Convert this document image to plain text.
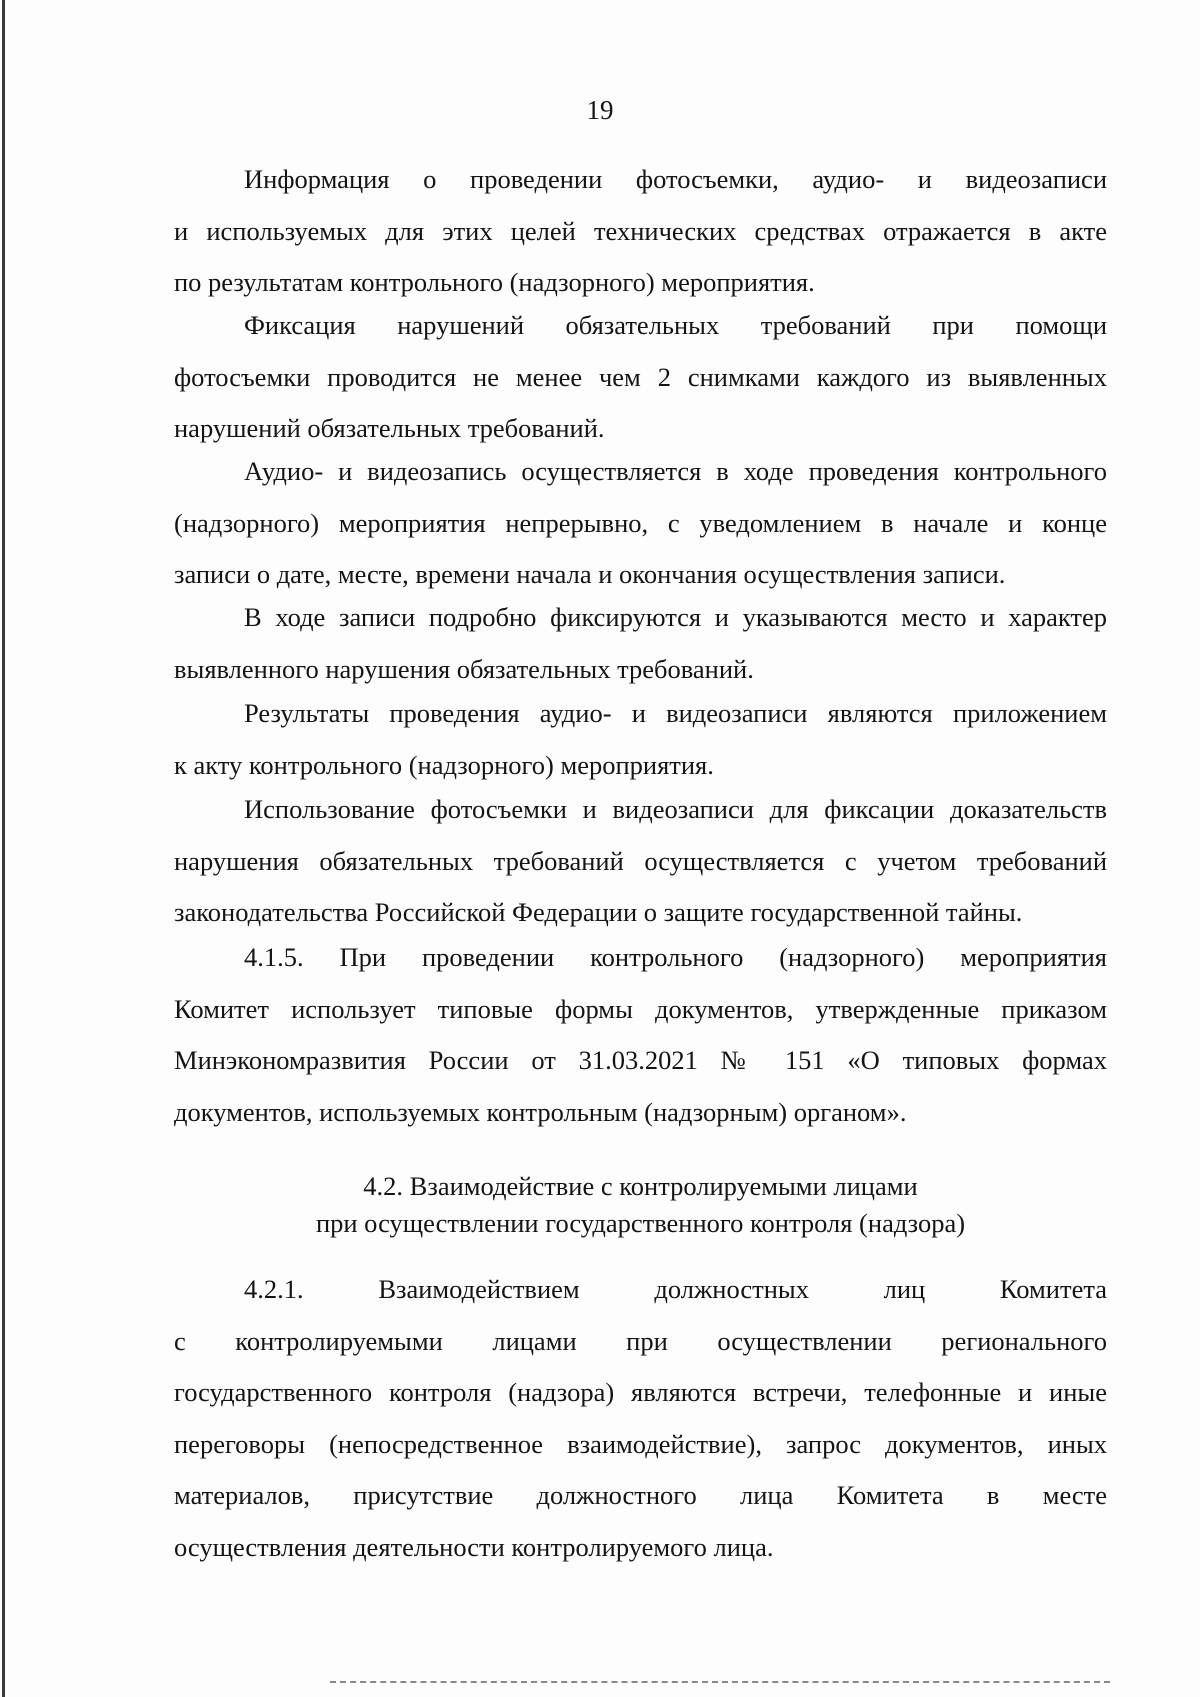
19

Информация о проведении фотосъемки, аудио- и видеозаписи
и используемых для этих целей технических средствах отражается в акте
по результатам контрольного (надзорного) мероприятия.

Фиксация нарушений обязательных требований при помощи
фотосъемки проводится не менее чем 2 снимками каждого из выявленных
нарушений обязательных требований.

Аудио- и видеозапись осуществляется в ходе проведения контрольного
(надзорного) мероприятия непрерывно, с уведомлением в начале и конце
записи о дате, месте, времени начала и окончания осуществления записи.

В ходе записи подробно фиксируются и указываются место и характер
выявленного нарушения обязательных требований.

Результаты проведения аудио- и видеозаписи являются приложением
к акту контрольного (надзорного) мероприятия.

Использование фотосъемки и видеозаписи для фиксации доказательств
нарушения обязательных требований осуществляется с учетом требований
законодательства Российской Федерации о защите государственной тайны.

4.1.5. При проведении контрольного (надзорного) мероприятия
Комитет использует типовые формы документов, утвержденные приказом
Минэкономразвития России от 31.03.2021 № 151 «О типовых формах
документов, используемых контрольным (надзорным) органом».

4.2. Взаимодействие с контролируемыми лицами
при осуществлении государственного контроля (надзора)

4.2.1. Взаимодействием должностных лиц Комитета
с контролируемыми лицами при осуществлении регионального
государственного контроля (надзора) являются встречи, телефонные и иные
переговоры (непосредственное взаимодействие), запрос документов, иных
материалов, присутствие должностного лица Комитета в месте
осуществления деятельности контролируемого лица.
